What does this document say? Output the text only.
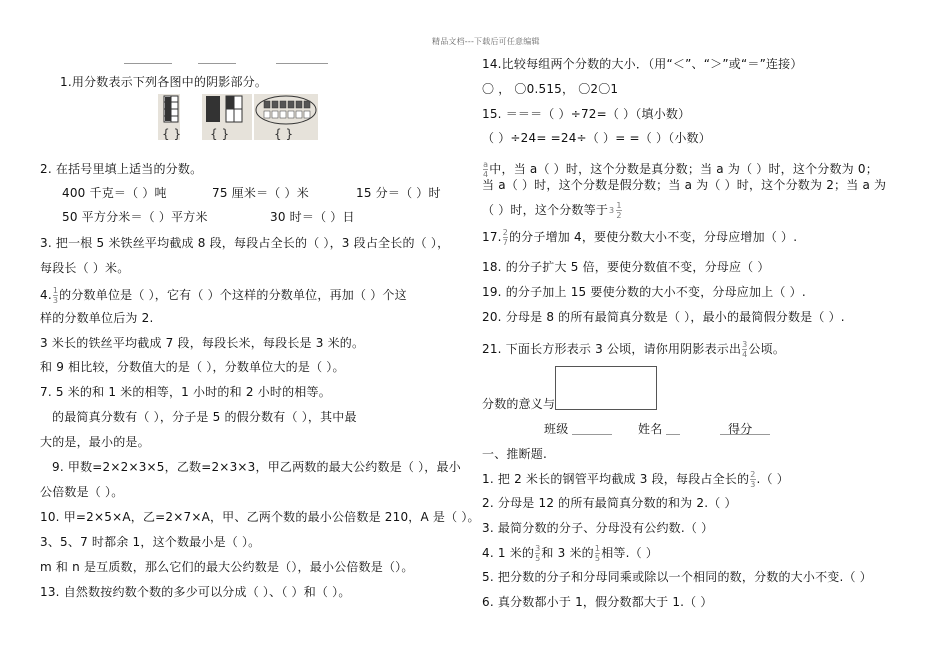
精品文档---下载后可任意编辑
1.用分数表示下列各图中的阴影部分。
{ } { }	{ }
2. 在括号里填上适当的分数。
400 千克＝（ ）吨	75 厘米＝（ ）米	15 分＝（ ）时
50 平方分米＝（ ）平方米	30 时＝（ ）日
3. 把一根 5 米铁丝平均截成 8 段，每段占全长的（ ），3 段占全长的（ ），
每段长（ ）米。
4. $\frac{1}{3}$ 的分数单位是（ ），它有（ ）个这样的分数单位，再加（ ）个这
样的分数单位后为 2.
3 米长的铁丝平均截成 7 段，每段长米，每段长是 3 米的。
和 9 相比较，分数值大的是（ ），分数单位大的是（ ）。
7. 5 米的和 1 米的相等，1 小时的和 2 小时的相等。
的最简真分数有（ ），分子是 5 的假分数有（ ），其中最
大的是，最小的是。
9. 甲数=2×2×3×5，乙数=2×3×3，甲乙两数的最大公约数是（ ），最小
公倍数是（ ）。
10. 甲=2×5×A，乙=2×7×A，甲、乙两个数的最小公倍数是 210，A 是（ ）。
3、5、7 时都余 1，这个数最小是（ ）。
m 和 n 是互质数，那么它们的最大公约数是（），最小公倍数是（）。
13. 自然数按约数个数的多少可以分成（ ）、（ ）和（ ）。
14.比较每组两个分数的大小．（用“＜”、“＞”或“＝”连接）
〇 ， 〇0.515， 〇2〇1
15. ＝＝＝（ ）÷72=（ ）（填小数）
（ ）÷24= =24÷（ ）= =（ ）（小数）
$\frac{a}{4}$ 中，当 a（ ）时，这个分数是真分数；当 a 为（ ）时，这个分数为 0；
当 a（ ）时，这个分数是假分数；当 a 为（ ）时，这个分数为 2；当 a 为
（ ）时，这个分数等于 $3 \frac{1}{2}$
17. $\frac{2}{7}$ 的分子增加 4，要使分数大小不变，分母应增加（ ）.
18. 的分子扩大 5 倍，要使分数值不变，分母应（ ）
19. 的分子加上 15 要使分数的大小不变，分母应加上（ ）.
20. 分母是 8 的所有最简真分数是（ ），最小的最简假分数是（ ）.
21. 下面长方形表示 3 公顷，请你用阴影表示出 $\frac{3}{4}$ 公顷。
分数的意义与
班级	姓名	得分
一、推断题.
1. 把 2 米长的钢管平均截成 3 段，每段占全长的 $\frac{2}{3}$ .（ ）
2. 分母是 12 的所有最简真分数的和为 2.（ ）
3. 最简分数的分子、分母没有公约数.（ ）
4. 1 米的 $\frac{3}{5}$ 和 3 米的 $\frac{1}{5}$ 相等.（ ）
5. 把分数的分子和分母同乘或除以一个相同的数，分数的大小不变.（ ）
6. 真分数都小于 1，假分数都大于 1.（ ）
